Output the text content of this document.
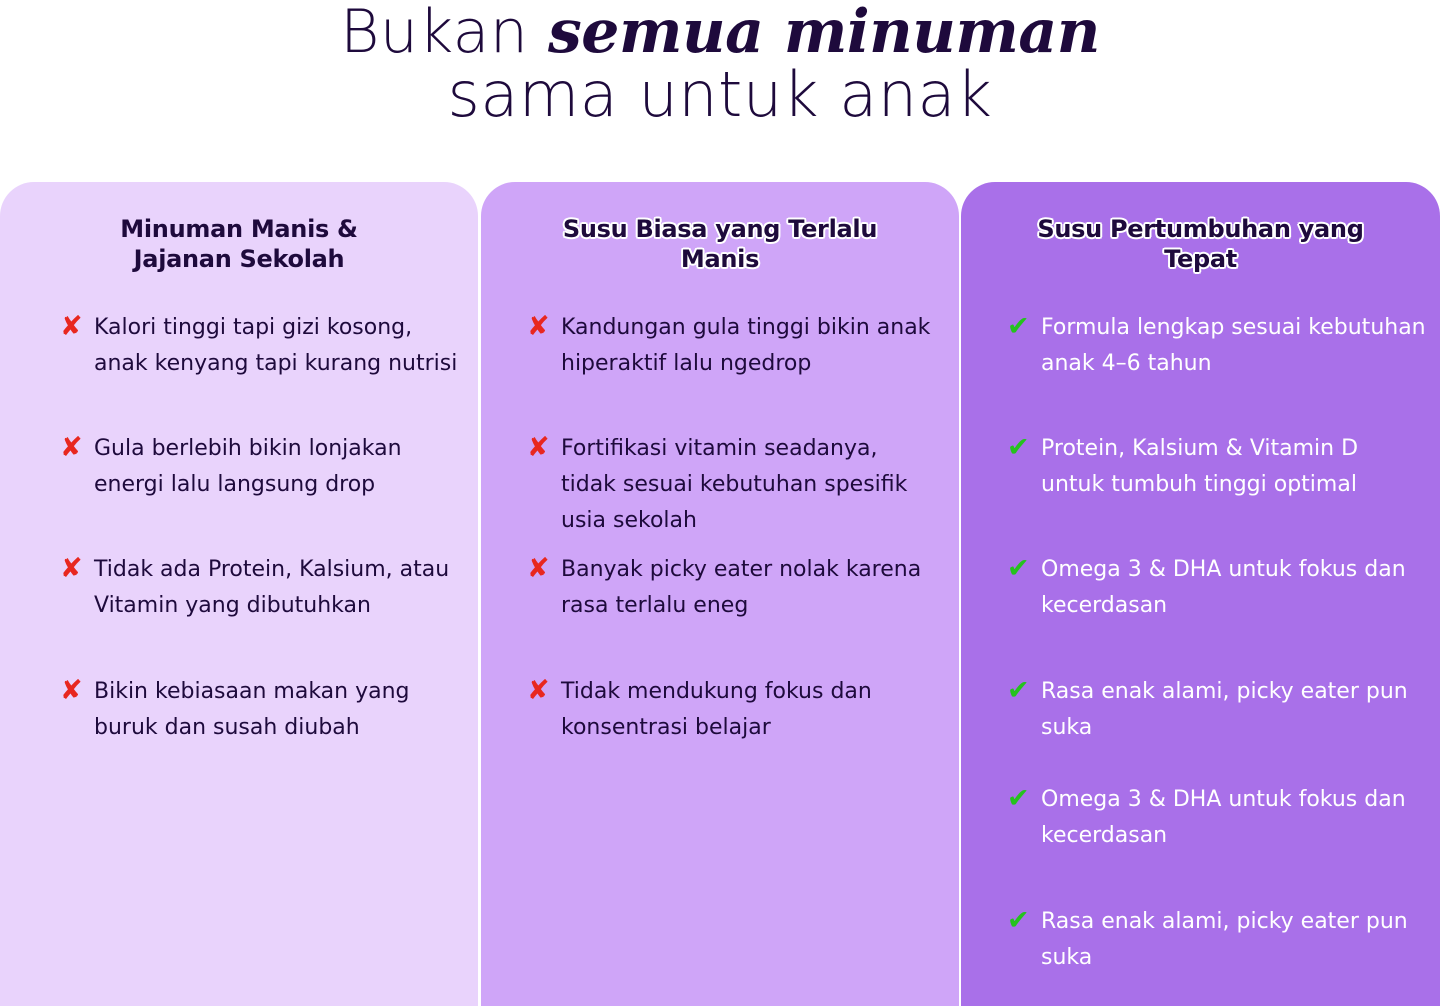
Bukan semua minuman
sama untuk anak
Minuman Manis &
Jajanan Sekolah
✘ Kalori tinggi tapi gizi kosong, anak kenyang tapi kurang nutrisi
✘ Gula berlebih bikin lonjakan energi lalu langsung drop
✘ Tidak ada Protein, Kalsium, atau Vitamin yang dibutuhkan
✘ Bikin kebiasaan makan yang buruk dan susah diubah
Susu Biasa yang Terlalu
Manis
✘ Kandungan gula tinggi bikin anak hiperaktif lalu ngedrop
✘ Fortifikasi vitamin seadanya, tidak sesuai kebutuhan spesifik usia sekolah
✘ Banyak picky eater nolak karena rasa terlalu eneg
✘ Tidak mendukung fokus dan konsentrasi belajar
Susu Pertumbuhan yang
Tepat
✔ Formula lengkap sesuai kebutuhan anak 4–6 tahun
✔ Protein, Kalsium & Vitamin D untuk tumbuh tinggi optimal
✔ Omega 3 & DHA untuk fokus dan kecerdasan
✔ Rasa enak alami, picky eater pun suka
✔ Omega 3 & DHA untuk fokus dan kecerdasan
✔ Rasa enak alami, picky eater pun suka
